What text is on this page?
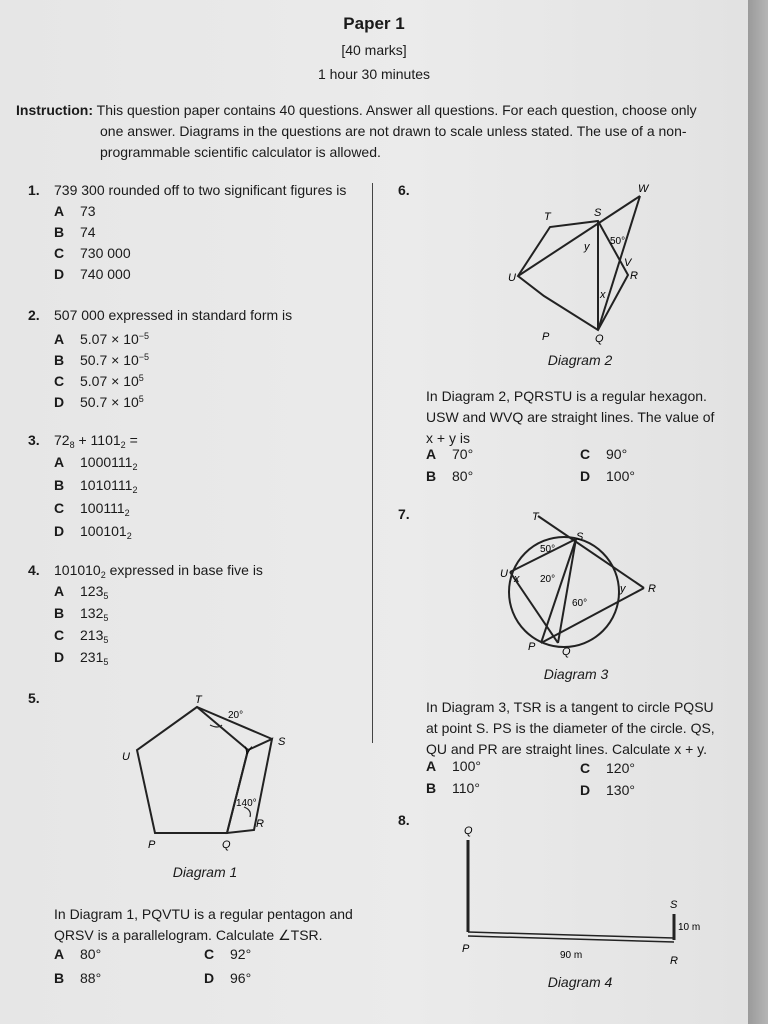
Paper 1
[40 marks]
1 hour 30 minutes
Instruction: This question paper contains 40 questions. Answer all questions. For each question, choose only
one answer. Diagrams in the questions are not drawn to scale unless stated. The use of a non-
programmable scientific calculator is allowed.
1. 739 300 rounded off to two significant figures is
A 73
B 74
C 730 000
D 740 000
2. 507 000 expressed in standard form is
A $5.07 \times 10^{-5}$
B $50.7 \times 10^{-5}$
C $5.07 \times 10^5$
D $50.7 \times 10^5$
3. $72_8 + 1101_2$ =
A $1000111_2$
B $1010111_2$
C $100111_2$
D $100101_2$
4. $101010_2$ expressed in base five is
A $123_5$
B $132_5$
C $213_5$
D $231_5$
5.	T
S
U	V
R
P	Q
20°
140°
Diagram 1
In Diagram 1, PQVTU is a regular pentagon and
QRSV is a parallelogram. Calculate ∠TSR.
A 80°
B 88°
C 92°
D 96°
6.	W
T	S
U
V
R
P	Q
x
y 50°
Diagram 2
In Diagram 2, PQRSTU is a regular hexagon.
USW and WVQ are straight lines. The value of
x + y is
A 70°
B 80°
C 90°
D 100°
7.	T
S
U
R
P Q
x
y
50°
20°
60°
Diagram 3
In Diagram 3, TSR is a tangent to circle PQSU
at point S. PS is the diameter of the circle. QS,
QU and PR are straight lines. Calculate x + y.
A 100°
B 110°
C 120°
D 130°
8.
Q
S
P
R
10 m
90 m
Diagram 4
